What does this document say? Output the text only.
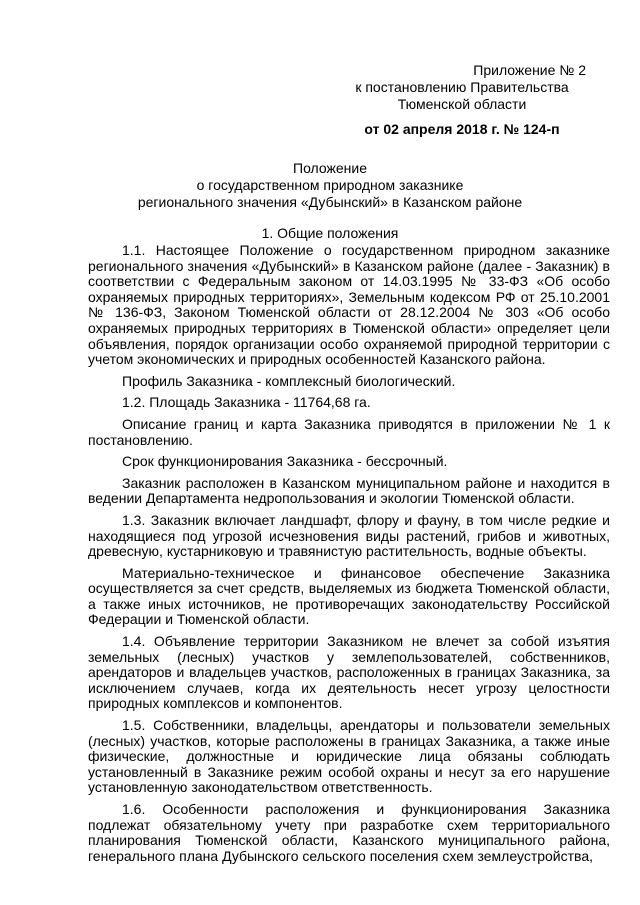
Приложение № 2
к постановлению Правительства
Тюменской области
от 02 апреля 2018 г. № 124-п
Положение
о государственном природном заказнике
регионального значения «Дубынский» в Казанском районе
1. Общие положения

1.1. Настоящее Положение о государственном природном заказнике регионального значения «Дубынский» в Казанском районе (далее - Заказник) в соответствии с Федеральным законом от 14.03.1995 № 33-ФЗ «Об особо охраняемых природных территориях», Земельным кодексом РФ от 25.10.2001 № 136-ФЗ, Законом Тюменской области от 28.12.2004 № 303 «Об особо охраняемых природных территориях в Тюменской области» определяет цели объявления, порядок организации особо охраняемой природной территории с учетом экономических и природных особенностей Казанского района.

Профиль Заказника - комплексный биологический.

1.2. Площадь Заказника - 11764,68 га.

Описание границ и карта Заказника приводятся в приложении № 1 к постановлению.

Срок функционирования Заказника - бессрочный.

Заказник расположен в Казанском муниципальном районе и находится в ведении Департамента недропользования и экологии Тюменской области.

1.3. Заказник включает ландшафт, флору и фауну, в том числе редкие и находящиеся под угрозой исчезновения виды растений, грибов и животных, древесную, кустарниковую и травянистую растительность, водные объекты.

Материально-техническое и финансовое обеспечение Заказника осуществляется за счет средств, выделяемых из бюджета Тюменской области, а также иных источников, не противоречащих законодательству Российской Федерации и Тюменской области.

1.4. Объявление территории Заказником не влечет за собой изъятия земельных (лесных) участков у землепользователей, собственников, арендаторов и владельцев участков, расположенных в границах Заказника, за исключением случаев, когда их деятельность несет угрозу целостности природных комплексов и компонентов.

1.5. Собственники, владельцы, арендаторы и пользователи земельных (лесных) участков, которые расположены в границах Заказника, а также иные физические, должностные и юридические лица обязаны соблюдать установленный в Заказнике режим особой охраны и несут за его нарушение установленную законодательством ответственность.

1.6. Особенности расположения и функционирования Заказника подлежат обязательному учету при разработке схем территориального планирования Тюменской области, Казанского муниципального района, генерального плана Дубынского сельского поселения схем землеустройства,
